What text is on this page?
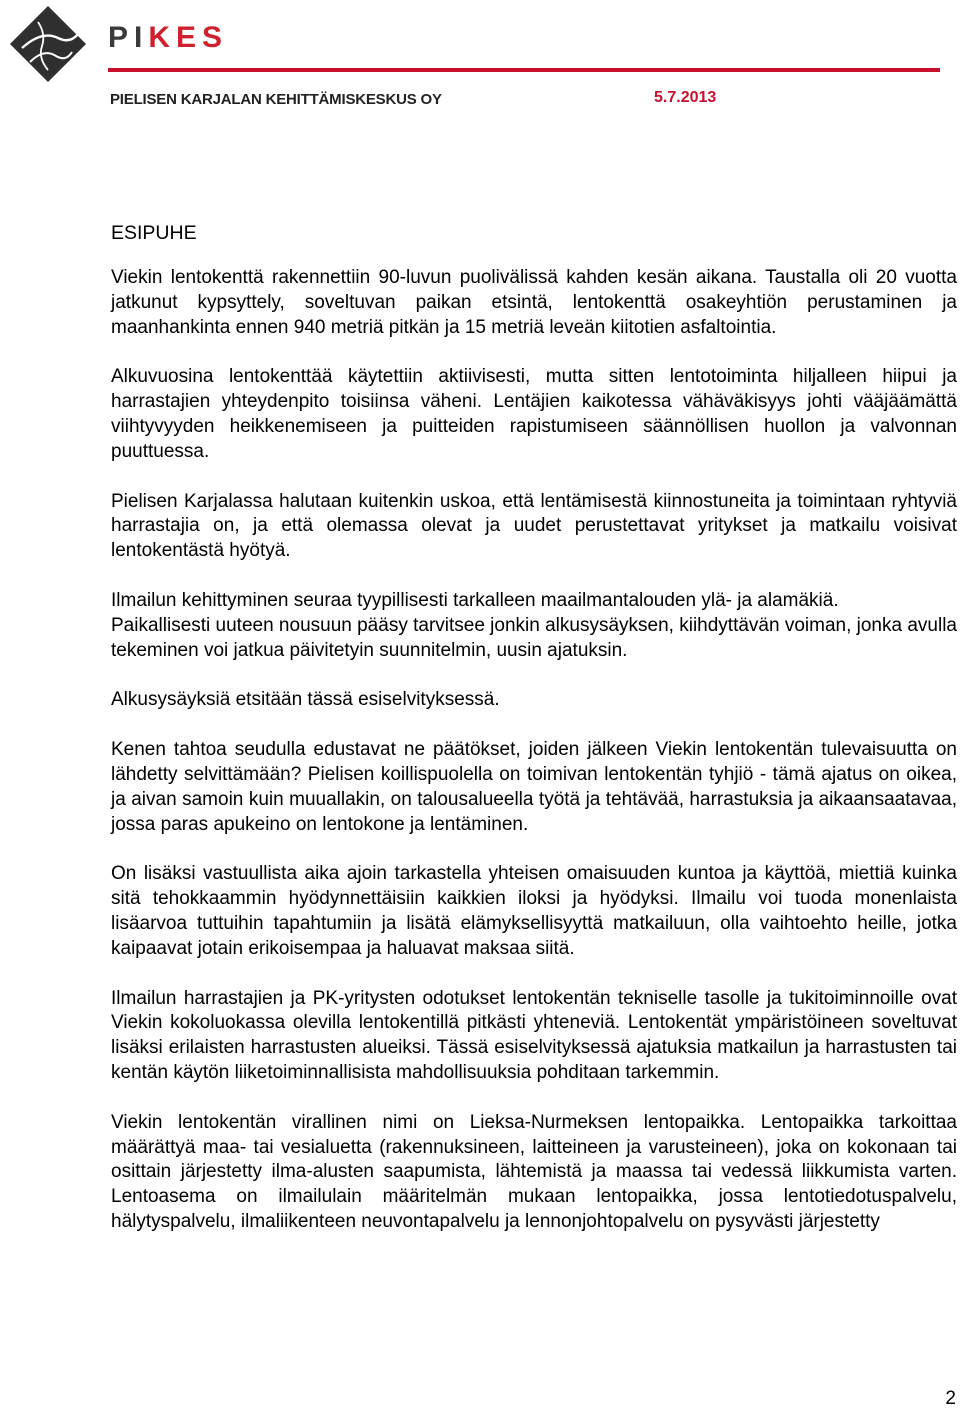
PIKES
PIELISEN KARJALAN KEHITTÄMISKESKUS OY	5.7.2013
ESIPUHE

Viekin lentokenttä rakennettiin 90-luvun puolivälissä kahden kesän aikana. Taustalla oli 20 vuotta jatkunut kypsyttely, soveltuvan paikan etsintä, lentokenttä osakeyhtiön perustaminen ja maanhankinta ennen 940 metriä pitkän ja 15 metriä leveän kiitotien asfaltointia.

Alkuvuosina lentokenttää käytettiin aktiivisesti, mutta sitten lentotoiminta hiljalleen hiipui ja harrastajien yhteydenpito toisiinsa väheni. Lentäjien kaikotessa vähäväkisyys johti vääjäämättä viihtyvyyden heikkenemiseen ja puitteiden rapistumiseen säännöllisen huollon ja valvonnan puuttuessa.

Pielisen Karjalassa halutaan kuitenkin uskoa, että lentämisestä kiinnostuneita ja toimintaan ryhtyviä harrastajia on, ja että olemassa olevat ja uudet perustettavat yritykset ja matkailu voisivat lentokentästä hyötyä.

Ilmailun kehittyminen seuraa tyypillisesti tarkalleen maailmantalouden ylä- ja alamäkiä.

Paikallisesti uuteen nousuun pääsy tarvitsee jonkin alkusysäyksen, kiihdyttävän voiman, jonka avulla tekeminen voi jatkua päivitetyin suunnitelmin, uusin ajatuksin.

Alkusysäyksiä etsitään tässä esiselvityksessä.

Kenen tahtoa seudulla edustavat ne päätökset, joiden jälkeen Viekin lentokentän tulevaisuutta on lähdetty selvittämään? Pielisen koillispuolella on toimivan lentokentän tyhjiö - tämä ajatus on oikea, ja aivan samoin kuin muuallakin, on talousalueella työtä ja tehtävää, harrastuksia ja aikaansaatavaa, jossa paras apukeino on lentokone ja lentäminen.

On lisäksi vastuullista aika ajoin tarkastella yhteisen omaisuuden kuntoa ja käyttöä, miettiä kuinka sitä tehokkaammin hyödynnettäisiin kaikkien iloksi ja hyödyksi. Ilmailu voi tuoda monenlaista lisäarvoa tuttuihin tapahtumiin ja lisätä elämyksellisyyttä matkailuun, olla vaihtoehto heille, jotka kaipaavat jotain erikoisempaa ja haluavat maksaa siitä.

Ilmailun harrastajien ja PK-yritysten odotukset lentokentän tekniselle tasolle ja tukitoiminnoille ovat Viekin kokoluokassa olevilla lentokentillä pitkästi yhteneviä. Lentokentät ympäristöineen soveltuvat lisäksi erilaisten harrastusten alueiksi. Tässä esiselvityksessä ajatuksia matkailun ja harrastusten tai kentän käytön liiketoiminnallisista mahdollisuuksia pohditaan tarkemmin.

Viekin lentokentän virallinen nimi on Lieksa-Nurmeksen lentopaikka. Lentopaikka tarkoittaa määrättyä maa- tai vesialuetta (rakennuksineen, laitteineen ja varusteineen), joka on kokonaan tai osittain järjestetty ilma-alusten saapumista, lähtemistä ja maassa tai vedessä liikkumista varten. Lentoasema on ilmailulain määritelmän mukaan lentopaikka, jossa lentotiedotuspalvelu, hälytyspalvelu, ilmaliikenteen neuvontapalvelu ja lennonjohtopalvelu on pysyvästi järjestetty

2
